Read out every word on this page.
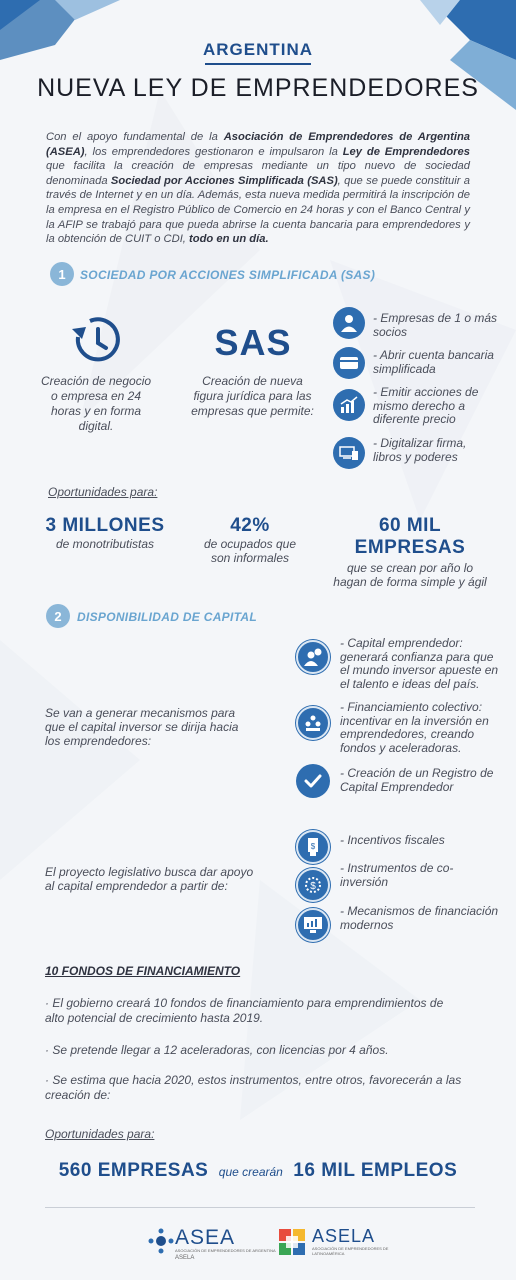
ARGENTINA
NUEVA LEY DE EMPRENDEDORES
Con el apoyo fundamental de la Asociación de Emprendedores de Argentina (ASEA), los emprendedores gestionaron e impulsaron la Ley de Emprendedores que facilita la creación de empresas mediante un tipo nuevo de sociedad denominada Sociedad por Acciones Simplificada (SAS), que se puede constituir a través de Internet y en un día. Además, esta nueva medida permitirá la inscripción de la empresa en el Registro Público de Comercio en 24 horas y con el Banco Central y la AFIP se trabajó para que pueda abrirse la cuenta bancaria para emprendedores y la obtención de CUIT o CDI, todo en un día.
1	SOCIEDAD POR ACCIONES SIMPLIFICADA (SAS)
Creación de negocio o empresa en 24 horas y en forma digital.
SAS
Creación de nueva figura jurídica para las empresas que permite:
- Empresas de 1 o más socios
- Abrir cuenta bancaria simplificada
- Emitir acciones de mismo derecho a diferente precio
- Digitalizar firma, libros y poderes
Oportunidades para:
3 MILLONES
de monotributistas
42%
de ocupados que son informales
60 MIL EMPRESAS
que se crean por año lo hagan de forma simple y ágil
2	DISPONIBILIDAD DE CAPITAL
Se van a generar mecanismos para que el capital inversor se dirija hacia los emprendedores:
- Capital emprendedor: generará confianza para que el mundo inversor apueste en el talento e ideas del país.
- Financiamiento colectivo: incentivar en la inversión en emprendedores, creando fondos y aceleradoras.
- Creación de un Registro de Capital Emprendedor
El proyecto legislativo busca dar apoyo al capital emprendedor a partir de:
$ - Incentivos fiscales
$
- Instrumentos de co-inversión
- Mecanismos de financiación modernos
10 FONDOS DE FINANCIAMIENTO
· El gobierno creará 10 fondos de financiamiento para emprendimientos de alto potencial de crecimiento hasta 2019.
· Se pretende llegar a 12 aceleradoras, con licencias por 4 años.
· Se estima que hacia 2020, estos instrumentos, entre otros, favorecerán a las creación de:
Oportunidades para:
560 EMPRESAS que crearán 16 MIL EMPLEOS
ASEA
ASOCIACIÓN DE EMPRENDEDORES DE ARGENTINA
ASELA
ASELA
ASOCIACIÓN DE EMPRENDEDORES DE LATINOAMÉRICA
